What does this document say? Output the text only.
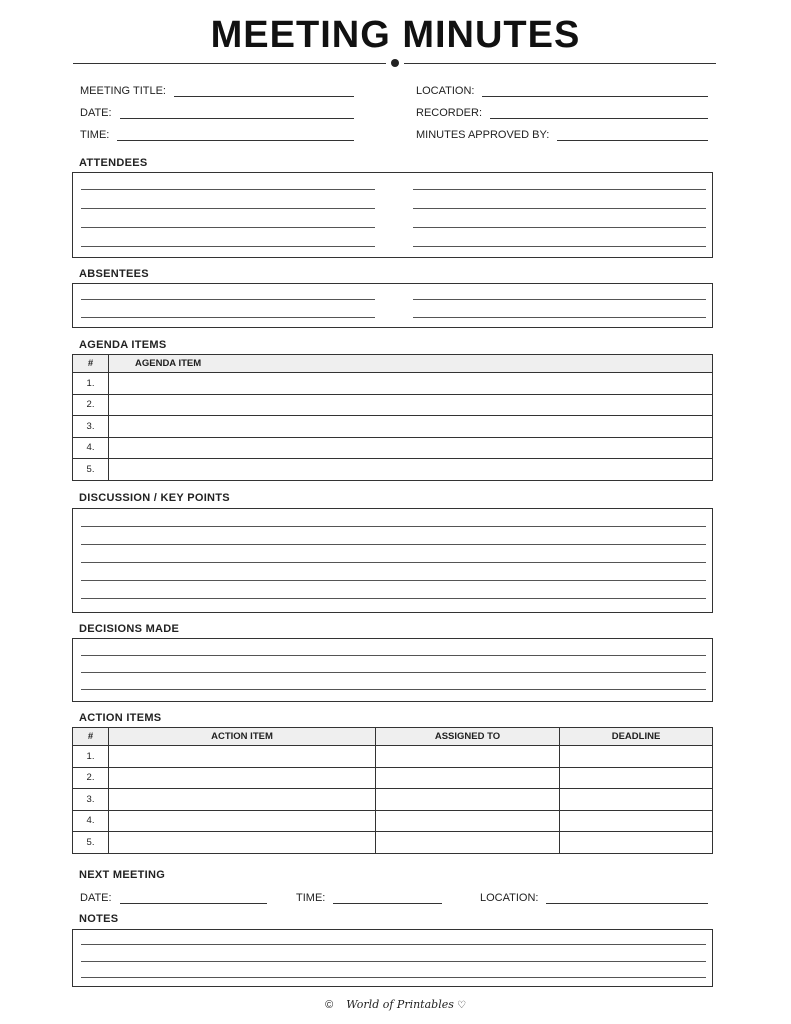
MEETING MINUTES
MEETING TITLE:
DATE:
TIME:
LOCATION:
RECORDER:
MINUTES APPROVED BY:
ATTENDEES
ABSENTEES
AGENDA ITEMS
#	AGENDA ITEM
1.	
2.	
3.	
4.	
5.	
DISCUSSION / KEY POINTS
DECISIONS MADE
ACTION ITEMS
#	ACTION ITEM	ASSIGNED TO	DEADLINE
1.			
2.			
3.			
4.			
5.			
NEXT MEETING
DATE:	TIME:	LOCATION:
NOTES
© World of Printables ♡
